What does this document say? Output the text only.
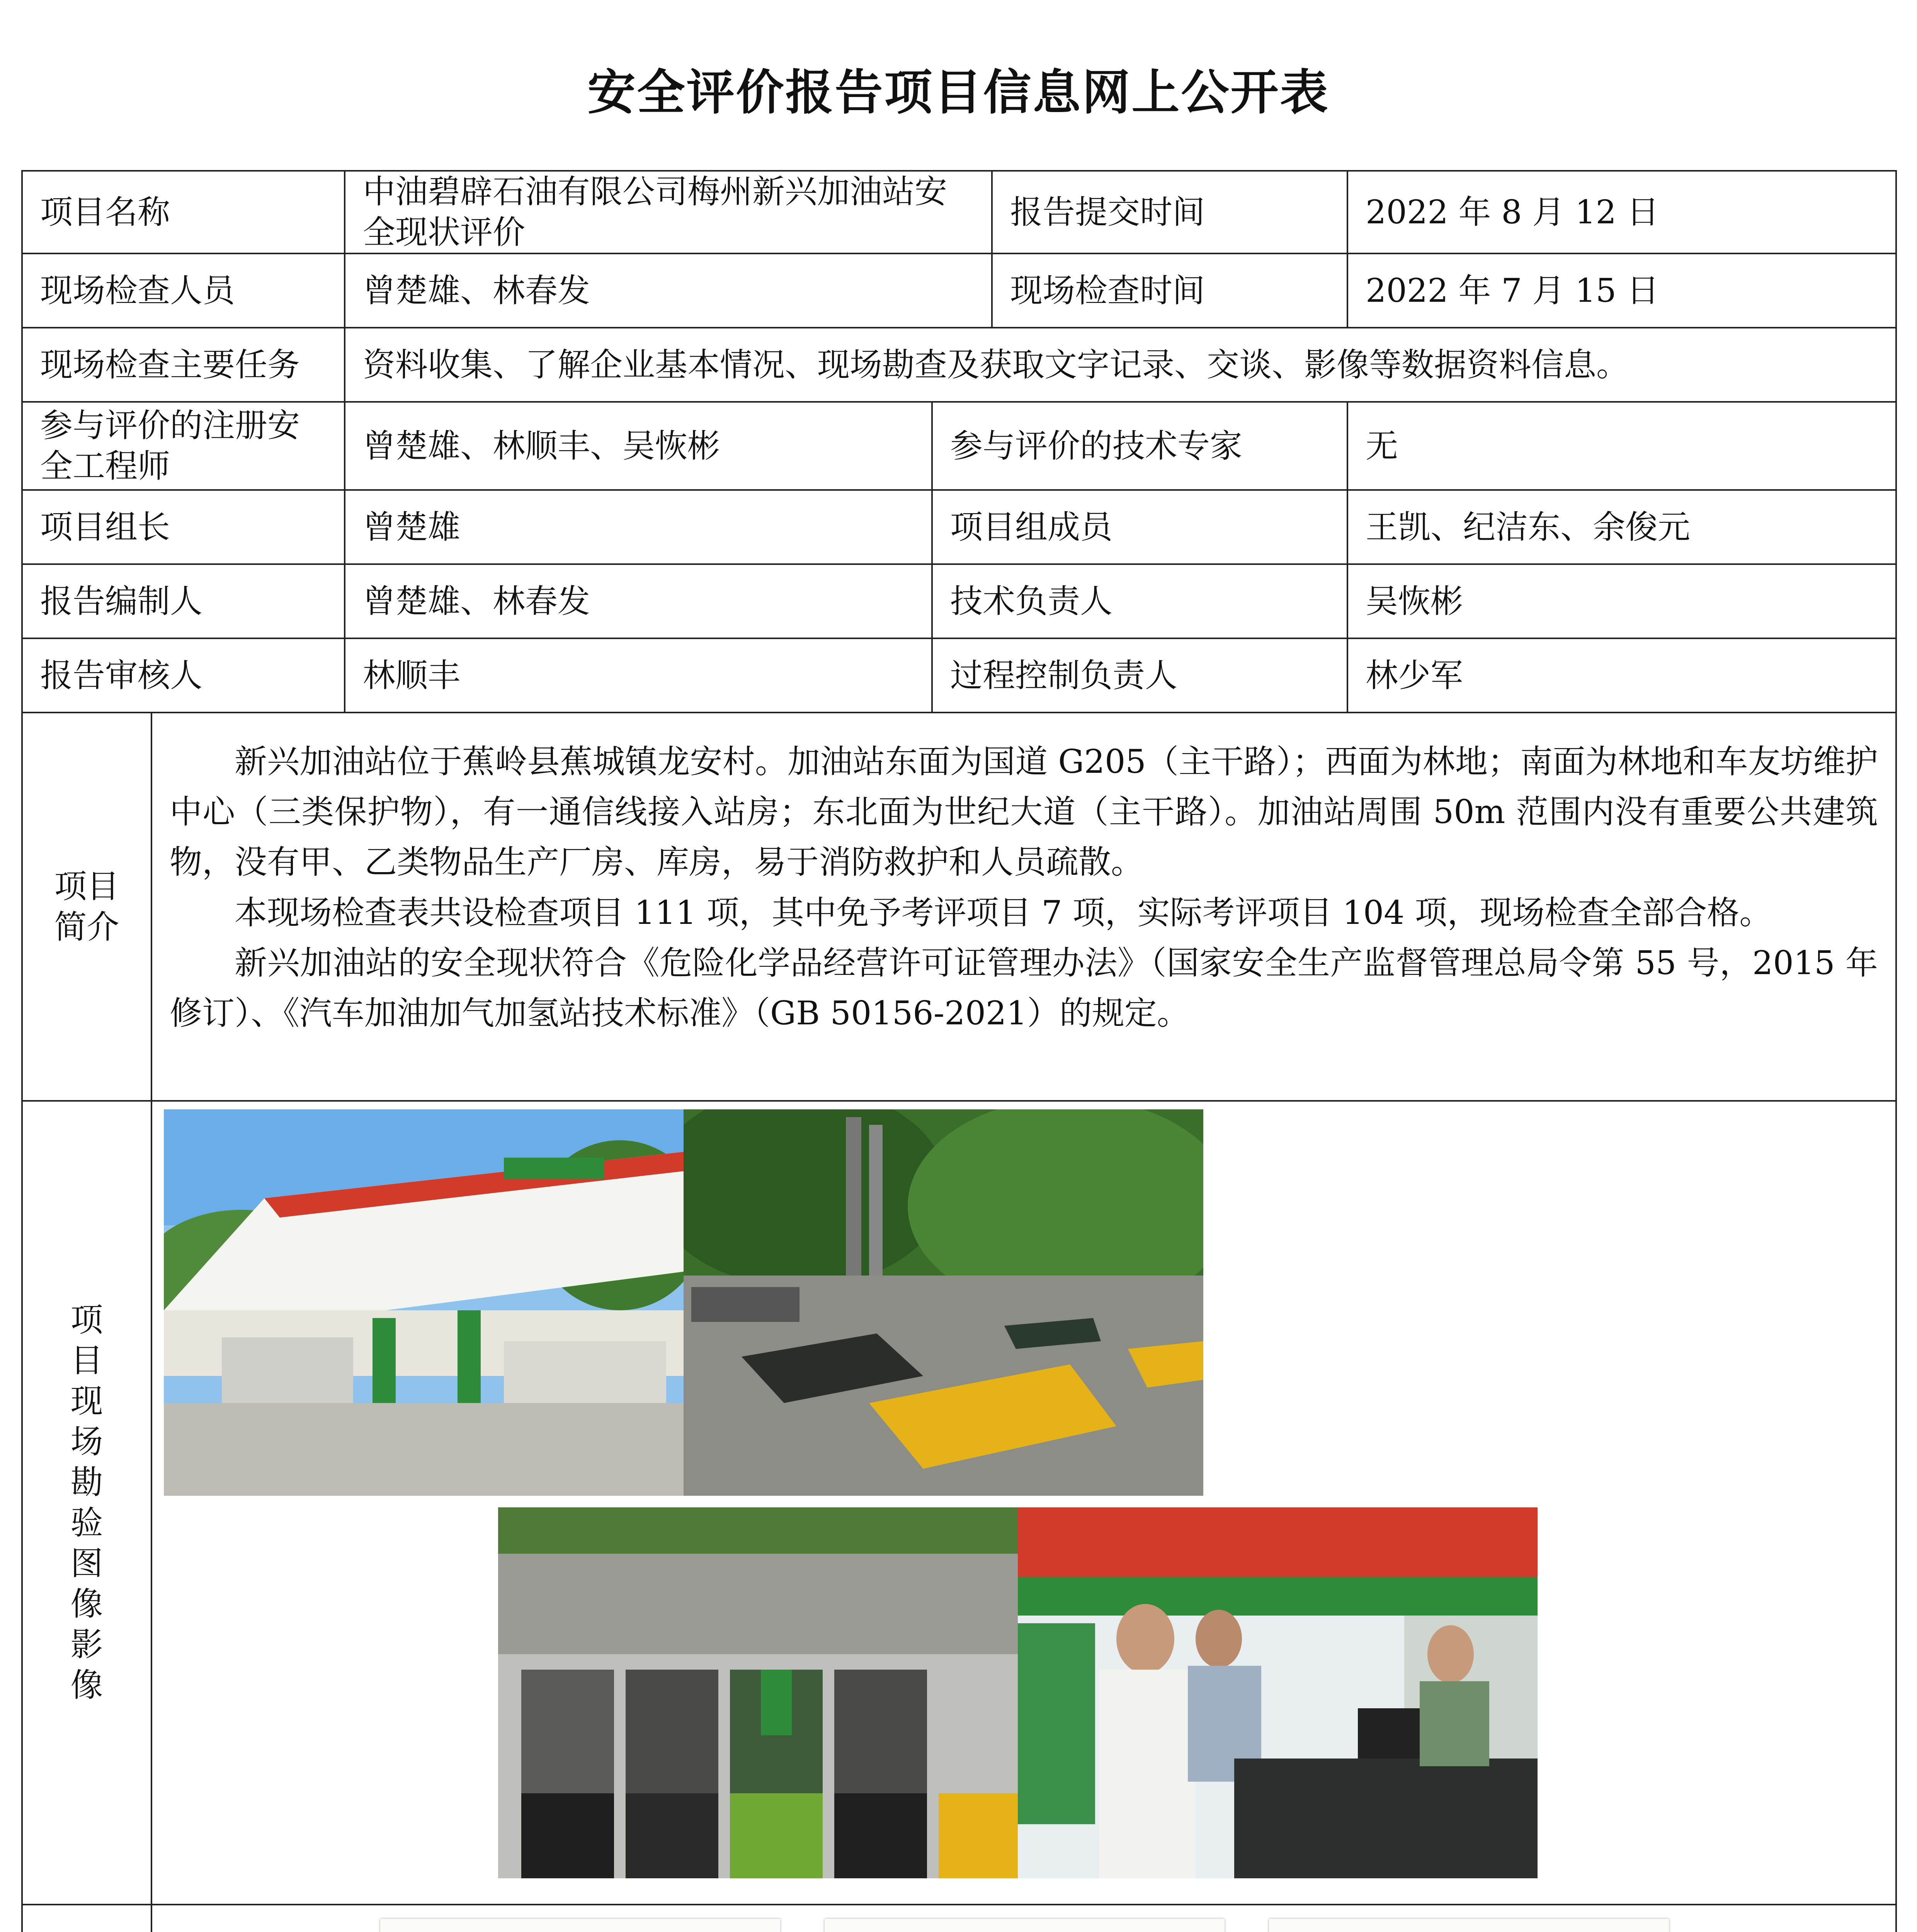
安全评价报告项目信息网上公开表
项目名称	中油碧辟石油有限公司梅州新兴加油站安全现状评价	报告提交时间	2022 年 8 月 12 日
现场检查人员	曾楚雄、林春发	现场检查时间	2022 年 7 月 15 日
现场检查主要任务	资料收集、了解企业基本情况、现场勘查及获取文字记录、交谈、影像等数据资料信息。
参与评价的注册安全工程师	曾楚雄、林顺丰、吴恢彬	参与评价的技术专家	无
项目组长	曾楚雄	项目组成员	王凯、纪洁东、余俊元
报告编制人	曾楚雄、林春发	技术负责人	吴恢彬
报告审核人	林顺丰	过程控制负责人	林少军
项目简介	

新兴加油站位于蕉岭县蕉城镇龙安村。加油站东面为国道 G205（主干路）；西面为林地；南面为林地和车友坊维护中心（三类保护物），有一通信线接入站房；东北面为世纪大道（主干路）。加油站周围 50m 范围内没有重要公共建筑物，没有甲、乙类物品生产厂房、库房，易于消防救护和人员疏散。

本现场检查表共设检查项目 111 项，其中免予考评项目 7 项，实际考评项目 104 项，现场检查全部合格。

新兴加油站的安全现状符合《危险化学品经营许可证管理办法》（国家安全生产监督管理总局令第 55 号，2015 年修订）、《汽车加油加气加氢站技术标准》（GB 50156-2021）的规定。

项目现场勘验图像影像	
